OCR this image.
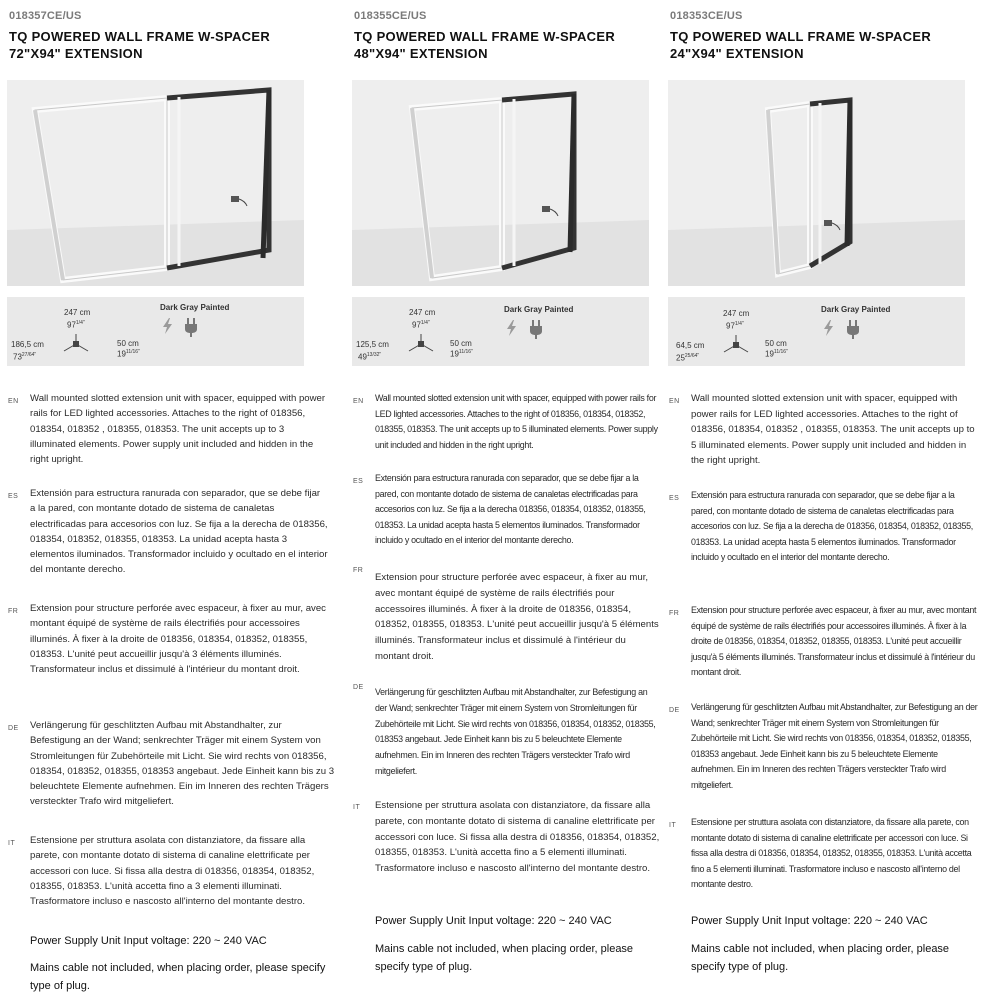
018357CE/US
TQ POWERED WALL FRAME W-SPACER
72"X94" EXTENSION
247 cm
$97^{1/4"}$
186,5 cm
$73^{27/64"}$
50 cm
$19^{11/16"}$
Dark Gray Painted
EN Wall mounted slotted extension unit with spacer, equipped with power rails for LED lighted accessories. Attaches to the right of 018356, 018354, 018352 , 018355, 018353. The unit accepts up to 3 illuminated elements. Power supply unit included and hidden in the right upright.
ES Extensión para estructura ranurada con separador, que se debe fijar a la pared, con montante dotado de sistema de canaletas electrificadas para accesorios con luz. Se fija a la derecha de 018356, 018354, 018352, 018355, 018353. La unidad acepta hasta 3 elementos iluminados. Transformador incluido y ocultado en el interior del montante derecho.
FR Extension pour structure perforée avec espaceur, à fixer au mur, avec montant équipé de système de rails électrifiés pour accessoires illuminés. À fixer à la droite de 018356, 018354, 018352, 018355, 018353. L'unité peut accueillir jusqu'à 3 éléments illuminés. Transformateur inclus et dissimulé à l'intérieur du montant droit.
DE Verlängerung für geschlitzten Aufbau mit Abstandhalter, zur Befestigung an der Wand; senkrechter Träger mit einem System von Stromleitungen für Zubehörteile mit Licht. Sie wird rechts von 018356, 018354, 018352, 018355, 018353 angebaut. Jede Einheit kann bis zu 3 beleuchtete Elemente aufnehmen. Ein im Inneren des rechten Trägers versteckter Trafo wird mitgeliefert.
IT Estensione per struttura asolata con distanziatore, da fissare alla parete, con montante dotato di sistema di canaline elettrificate per accessori con luce. Si fissa alla destra di 018356, 018354, 018352, 018355, 018353. L'unità accetta fino a 3 elementi illuminati. Trasformatore incluso e nascosto all'interno del montante destro.
Power Supply Unit Input voltage: 220 ~ 240 VAC
Mains cable not included, when placing order, please specify type of plug.
018355CE/US
TQ POWERED WALL FRAME W-SPACER
48"X94" EXTENSION
247 cm
$97^{1/4"}$
125,5 cm
$49^{13/32"}$
50 cm
$19^{11/16"}$
Dark Gray Painted
EN Wall mounted slotted extension unit with spacer, equipped with power rails for LED lighted accessories. Attaches to the right of 018356, 018354, 018352, 018355, 018353. The unit accepts up to 5 illuminated elements. Power supply unit included and hidden in the right upright.
ES Extensión para estructura ranurada con separador, que se debe fijar a la pared, con montante dotado de sistema de canaletas electrificadas para accesorios con luz. Se fija a la derecha 018356, 018354, 018352, 018355, 018353. La unidad acepta hasta 5 elementos iluminados. Transformador incluido y ocultado en el interior del montante derecho.
FR
Extension pour structure perforée avec espaceur, à fixer au mur, avec montant équipé de système de rails électrifiés pour accessoires illuminés. À fixer à la droite de 018356, 018354, 018352, 018355, 018353. L'unité peut accueillir jusqu'à 5 éléments illuminés. Transformateur inclus et dissimulé à l'intérieur du montant droit.
DE Verlängerung für geschlitzten Aufbau mit Abstandhalter, zur Befestigung an der Wand; senkrechter Träger mit einem System von Stromleitungen für Zubehörteile mit Licht. Sie wird rechts von 018356, 018354, 018352, 018355, 018353 angebaut. Jede Einheit kann bis zu 5 beleuchtete Elemente aufnehmen. Ein im Inneren des rechten Trägers versteckter Trafo wird mitgeliefert.
IT Estensione per struttura asolata con distanziatore, da fissare alla parete, con montante dotato di sistema di canaline elettrificate per accessori con luce. Si fissa alla destra di 018356, 018354, 018352, 018355, 018353. L'unità accetta fino a 5 elementi illuminati. Trasformatore incluso e nascosto all'interno del montante destro.
Power Supply Unit Input voltage: 220 ~ 240 VAC
Mains cable not included, when placing order, please specify type of plug.
018353CE/US
TQ POWERED WALL FRAME W-SPACER
24"X94" EXTENSION
247 cm
$97^{1/4"}$
64,5 cm
$25^{25/64"}$
50 cm
$19^{11/16"}$
Dark Gray Painted
EN Wall mounted slotted extension unit with spacer, equipped with power rails for LED lighted accessories. Attaches to the right of 018356, 018354, 018352 , 018355, 018353. The unit accepts up to 5 illuminated elements. Power supply unit included and hidden in the right upright.
ES Extensión para estructura ranurada con separador, que se debe fijar a la pared, con montante dotado de sistema de canaletas electrificadas para accesorios con luz. Se fija a la derecha de 018356, 018354, 018352, 018355, 018353. La unidad acepta hasta 5 elementos iluminados. Transformador incluido y ocultado en el interior del montante derecho.
FR Extension pour structure perforée avec espaceur, à fixer au mur, avec montant équipé de système de rails électrifiés pour accessoires illuminés. À fixer à la droite de 018356, 018354, 018352, 018355, 018353. L'unité peut accueillir jusqu'à 5 éléments illuminés. Transformateur inclus et dissimulé à l'intérieur du montant droit.
DE Verlängerung für geschlitzten Aufbau mit Abstandhalter, zur Befestigung an der Wand; senkrechter Träger mit einem System von Stromleitungen für Zubehörteile mit Licht. Sie wird rechts von 018356, 018354, 018352, 018355, 018353 angebaut. Jede Einheit kann bis zu 5 beleuchtete Elemente aufnehmen. Ein im Inneren des rechten Trägers versteckter Trafo wird mitgeliefert.
IT Estensione per struttura asolata con distanziatore, da fissare alla parete, con montante dotato di sistema di canaline elettrificate per accessori con luce. Si fissa alla destra di 018356, 018354, 018352, 018355, 018353. L'unità accetta fino a 5 elementi illuminati. Trasformatore incluso e nascosto all'interno del montante destro.
Power Supply Unit Input voltage: 220 ~ 240 VAC
Mains cable not included, when placing order, please specify type of plug.
